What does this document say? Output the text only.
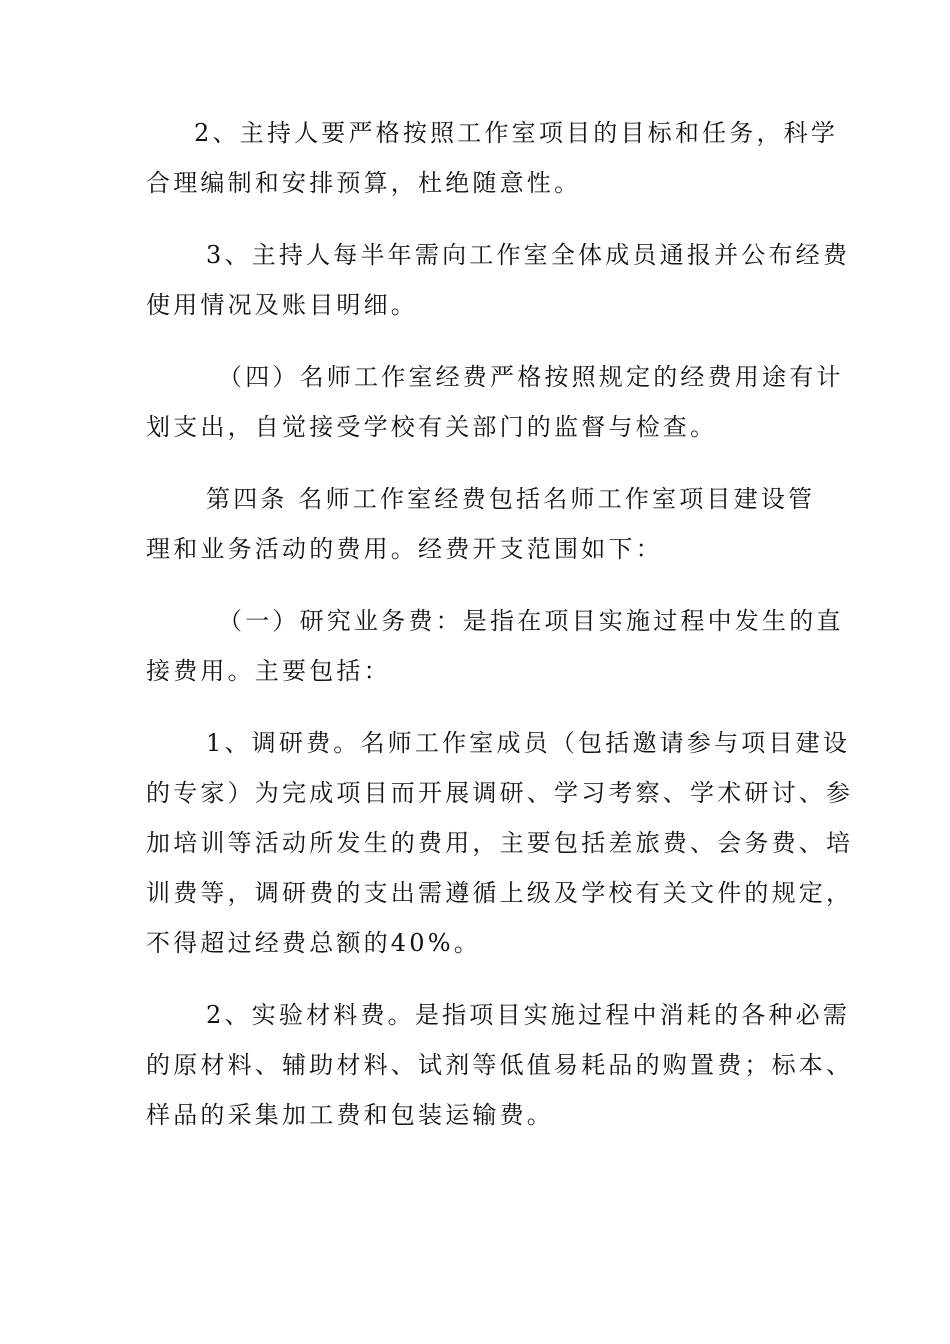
2、主持人要严格按照工作室项目的目标和任务，科学
合理编制和安排预算，杜绝随意性。
3、主持人每半年需向工作室全体成员通报并公布经费
使用情况及账目明细。
（四）名师工作室经费严格按照规定的经费用途有计
划支出，自觉接受学校有关部门的监督与检查。
第四条 名师工作室经费包括名师工作室项目建设管
理和业务活动的费用。经费开支范围如下：
（一）研究业务费：是指在项目实施过程中发生的直
接费用。主要包括：
1、调研费。名师工作室成员（包括邀请参与项目建设
的专家）为完成项目而开展调研、学习考察、学术研讨、参
加培训等活动所发生的费用，主要包括差旅费、会务费、培
训费等，调研费的支出需遵循上级及学校有关文件的规定，
不得超过经费总额的40%。
2、实验材料费。是指项目实施过程中消耗的各种必需
的原材料、辅助材料、试剂等低值易耗品的购置费；标本、
样品的采集加工费和包装运输费。
